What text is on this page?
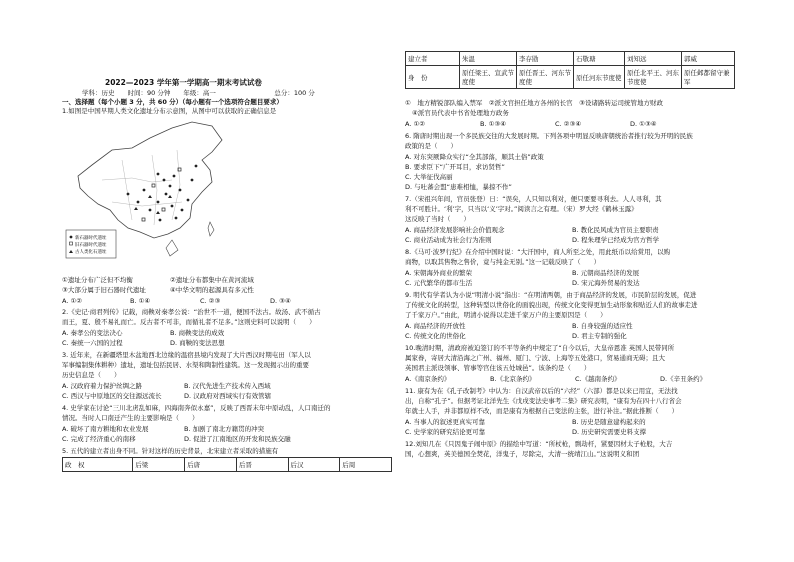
2022—2023 学年第一学期高一期末考试试卷
学科：历史　　时间：90 分钟　　年级：高一　　　　　　　　　总分：100 分
一、选择题（每个小题 3 分，共 60 分）（每小题有一个选项符合题目要求）
1.如图是中国早期人类文化遗址分布示意图，从图中可以获取的正确信息是
新石器时代遗址
旧石器时代遗址
古人类化石遗址
①遗址分布广泛但不均衡	②遗址分布都集中在黄河流域
③大部分属于旧石器时代遗址	④中华文明的起源具有多元性
A. ①②	B. ①④	C. ②③	D. ③④
2.《史记·商君列传》记载，商鞅对秦孝公说：“治世不一道，便国不法古。故汤、武不循古
而王，夏、殷不易礼而亡。反古者不可非，而循礼者不足多。”这则史料可以说明（　　）
A. 秦孝公的变法决心	B. 商鞅变法的成效
C. 秦统一六国的过程	D. 商鞅的变法思想
3. 近年来，在新疆塔里木盆地西北边缘的温宿县境内发现了大片西汉时期屯田（军人以
军事编制集体耕种）遗址，遗址包括民居、水渠和陶制性建筑。这一发现揭示出的重要
历史信息是（　　）
A. 汉政府着力保护丝绸之路	B. 汉代先进生产技术传入西域
C. 西汉与中原地区的交往源远流长	D. 汉政府对西域实行有效管辖
4. 史学家在讨论“三川北虏乱如麻，四海南奔似永嘉”，反映了西晋末年中原动乱，人口南迁的
情况。当时人口南迁产生的主要影响是（　　）
A. 破坏了南方耕地和农业发展	B. 加剧了南北方籍贯的冲突
C. 完成了经济重心的南移	D. 促进了江南地区的开发和民族交融
5. 五代的建立者出身不同。针对这样的历史背景，北宋建立者采取的措施有
政　权	后梁	后唐	后晋	后汉	后周
建立者	朱温	李存勖	石敬瑭	刘知远	郭威
身　份	原任梁王、宣武节度使	原任晋王、河东节度使	原任河东节度使	原任北平王、河东节度使	原任邺都留守兼军
①　地方精锐部队编入禁军　②派文官担任地方各州的长官　③设诸路转运司统管地方财政
④派官员代表中书省处理地方政务
A. ①②	B. ①③④	C. ②③④	D. ①③④
6. 隋唐时期出现一个多民族交往的大发展时期。下列各项中明显反映唐朝统治者推行较为开明的民族
政策的是（　　）
A. 对东突厥降众实行“全其部落，顺其土俗”政策
B. 要求臣下“广开耳目，求访贤哲”
C. 大举征伐高丽
D. 与吐蕃会盟“患难相恤，暴掠不作”
7.（宋祖兴年间，官员张登）日：“误矣，人只知以利对，便只要要寻利去。人人寻利，其
利不可胜计。‘利’字，只当以‘义’字对。”阅读言之有理。（宋）罗大经《鹤林玉露》
这反映了当时（　　）
A. 商品经济发展影响社会价值观念	B. 教化民风成为官员主要职责
C. 商业活动成为社会行为准则	D. 程朱理学已经成为官方哲学
8.《马可·波罗行纪》在介绍中国时说：“大汗国中，商人所至之处，用此纸币以给赏用，以购
商物，以取其售物之售价，竟与纯金无别。”这一记载反映了（　　）
A. 宋朝海外商业的繁荣	B. 元朝商品经济的发展
C. 元代繁华的都市生活	D. 宋元海外贸易的发达
9. 明代有学者认为小说“明清小说”指出：“在明清两朝，由于商品经济的发展，市民阶层的发展，促进
了传统文化的转型，这种转型以世俗化的面貌出现，传统文化变得更加生动形象和贴近人们的故事走进
了千家万户。”由此，明清小说得以走进千家万户的主要原因是（　　）
A. 商品经济的开放性	B. 自身较强的适应性
C. 传统文化的世俗化	D. 君主专制的强化
10.晚清时期，清政府被迫签订的不平等条约中规定了“自今以后，大皇帝恩准 英国人民带同所
属家眷，寄居大清沿海之广州、福州、厦门、宁波、上海等五处港口，贸易通商无碍；且大
英国君主派设领事、管事等官住该五处城邑”。该条约是（　　）
A.《南京条约》	B.《北京条约》	C.《越南条约》	D.《辛丑条约》
11. 康有为在《孔子改制考》中认为：自汉武帝以后的“六经”（六部）都是以来已用宜，无法找
出，自称“孔子”。但据考证北洋先生《戊戌变法史事考二集》研究表明，“康有为在四十八行省会
年就士人手，并非都原样不改，而是康有为根据自己变法的主张，进行补注。”据此推断（　　）
A. 当事人的叙述更真实可靠	B. 历史是随意建构起来的
C. 史学家的研究结论更可靠	D. 历史研究需要史料支撑
12.刘知几在《只因鬼子闹中原》的描绘中写道：“所杖枪，剽劫杆，紧要因材太子枪般，大吉
国，心想爽，英美德国全焚花，洋鬼子，尽除完，大清一统靖江山。”这说明义和团
